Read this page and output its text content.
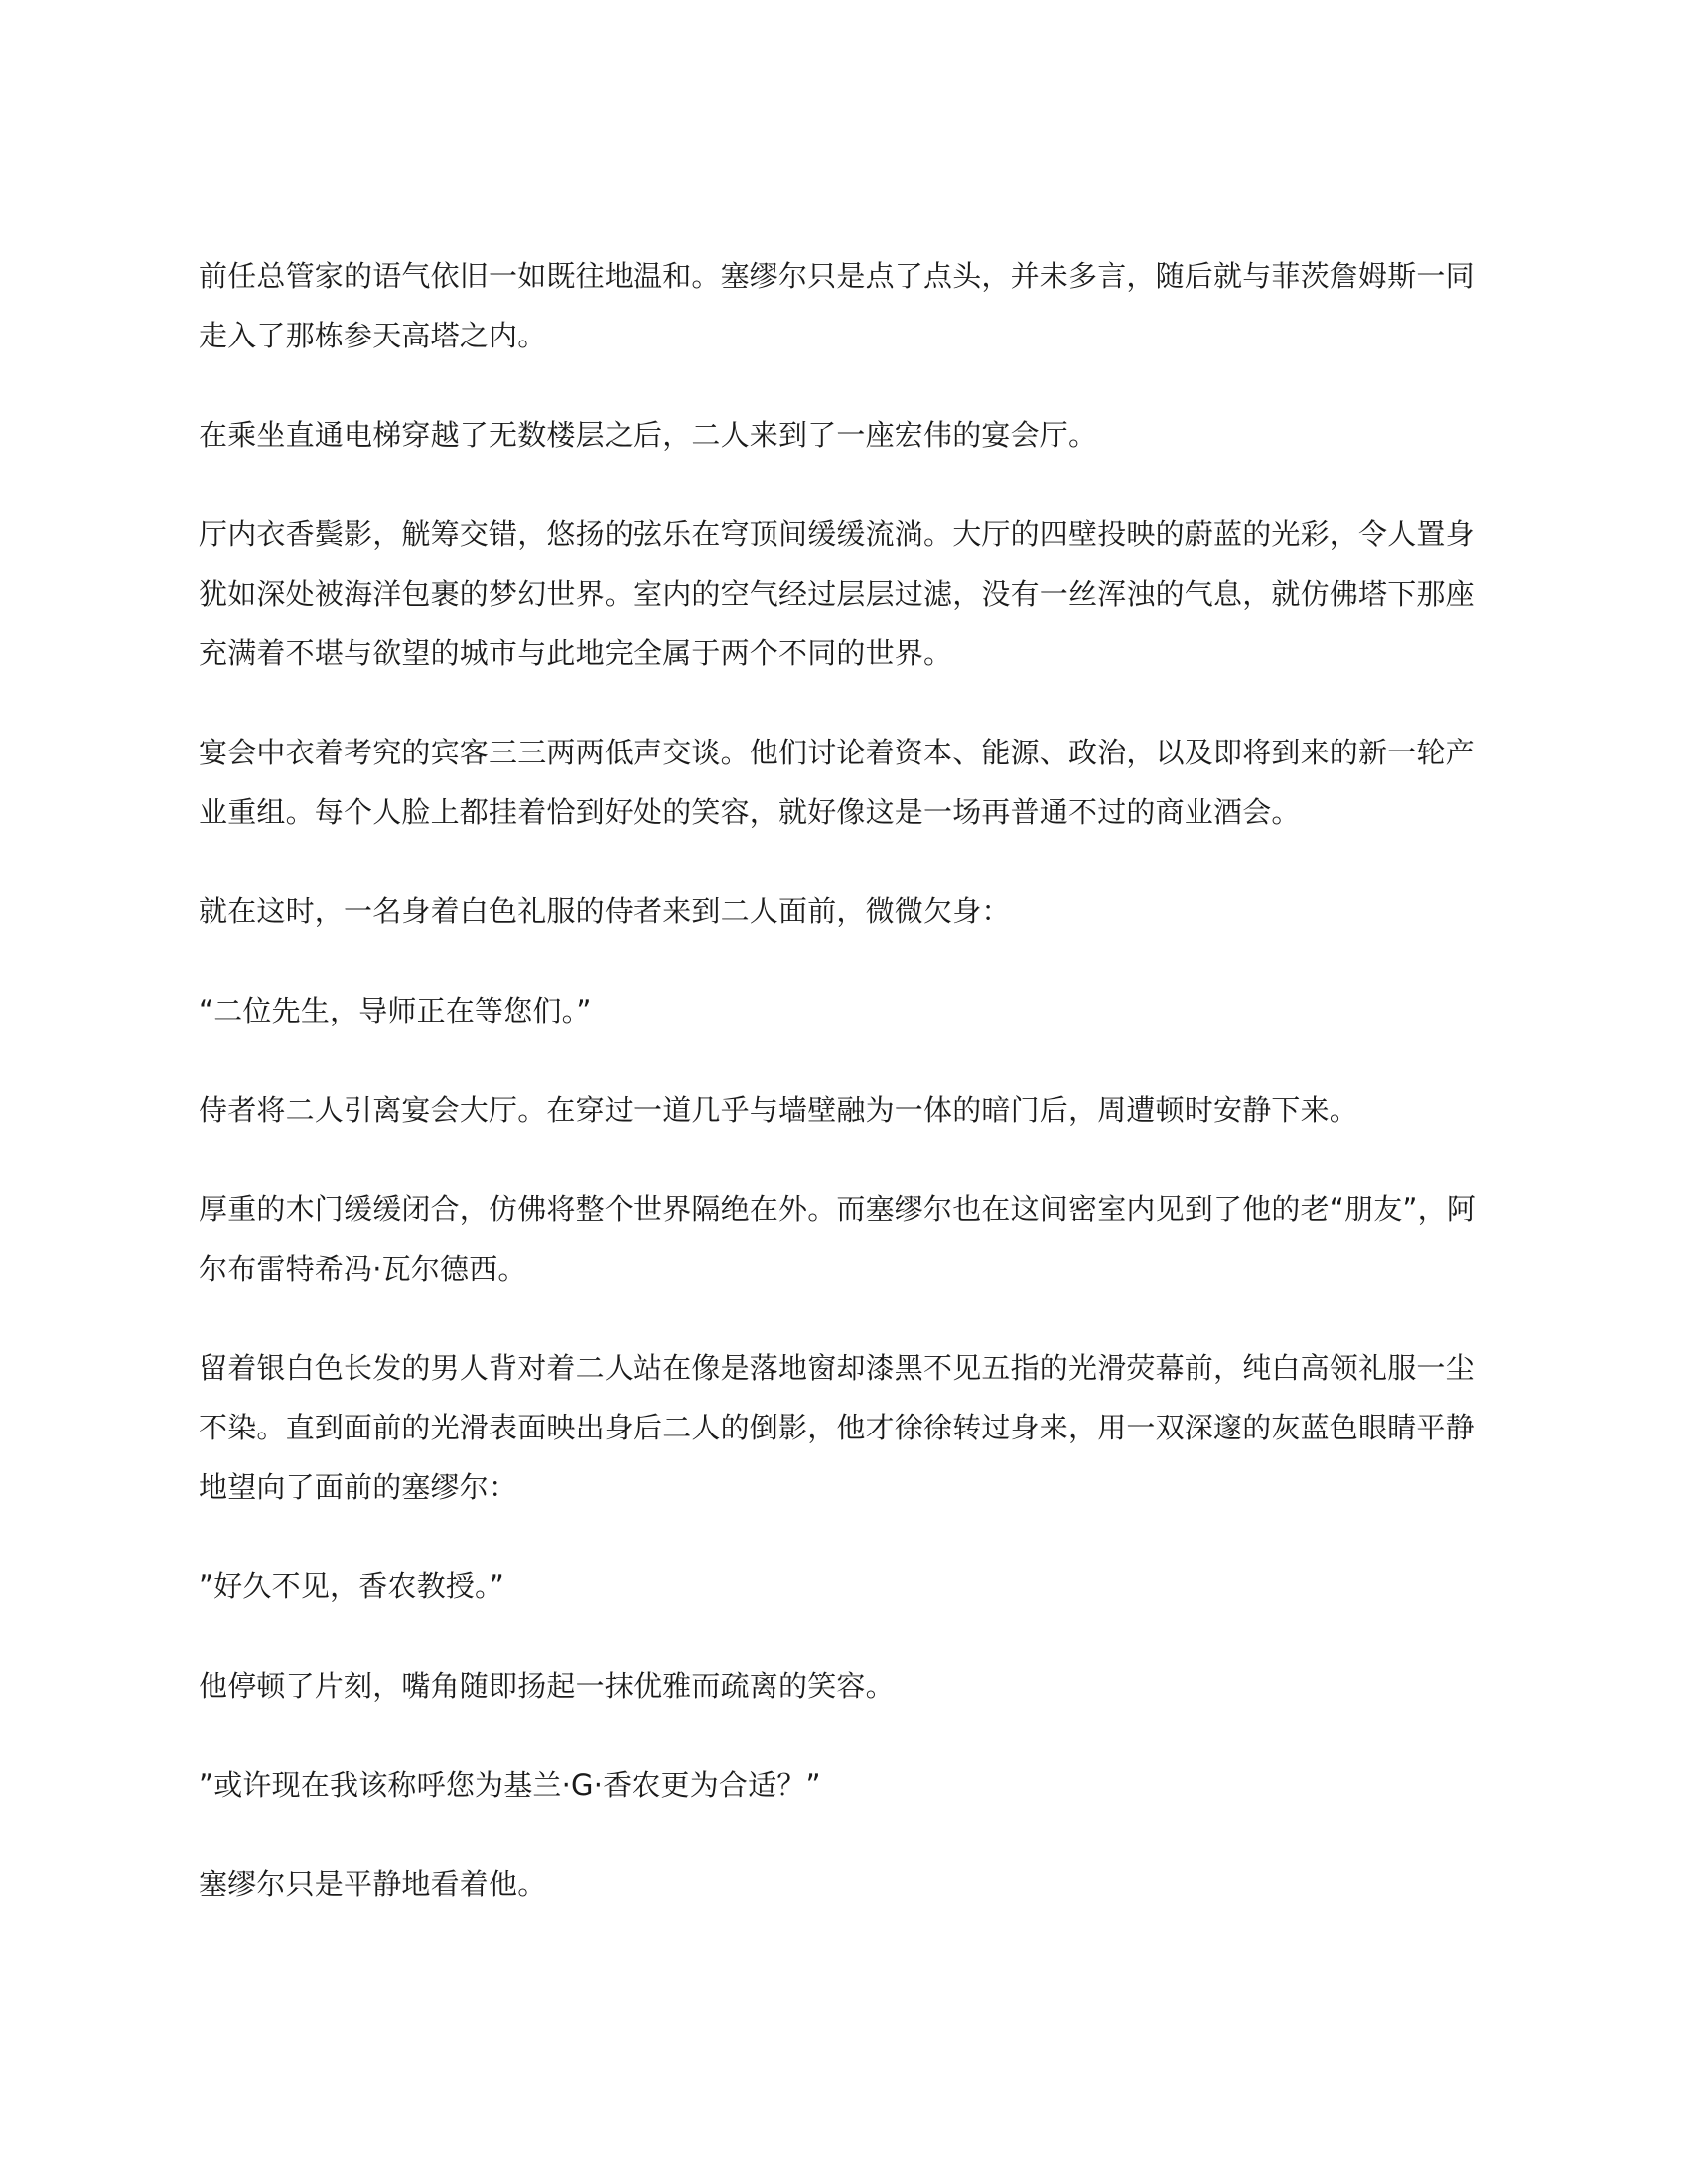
前任总管家的语气依旧一如既往地温和。塞缪尔只是点了点头，并未多言，随后就与菲茨詹姆斯一同走入了那栋参天高塔之内。

在乘坐直通电梯穿越了无数楼层之后，二人来到了一座宏伟的宴会厅。

厅内衣香鬓影，觥筹交错，悠扬的弦乐在穹顶间缓缓流淌。大厅的四壁投映的蔚蓝的光彩，令人置身犹如深处被海洋包裹的梦幻世界。室内的空气经过层层过滤，没有一丝浑浊的气息，就仿佛塔下那座充满着不堪与欲望的城市与此地完全属于两个不同的世界。

宴会中衣着考究的宾客三三两两低声交谈。他们讨论着资本、能源、政治，以及即将到来的新一轮产业重组。每个人脸上都挂着恰到好处的笑容，就好像这是一场再普通不过的商业酒会。

就在这时，一名身着白色礼服的侍者来到二人面前，微微欠身：

“二位先生，导师正在等您们。”

侍者将二人引离宴会大厅。在穿过一道几乎与墙壁融为一体的暗门后，周遭顿时安静下来。

厚重的木门缓缓闭合，仿佛将整个世界隔绝在外。而塞缪尔也在这间密室内见到了他的老“朋友”，阿尔布雷特希冯·瓦尔德西。

留着银白色长发的男人背对着二人站在像是落地窗却漆黑不见五指的光滑荧幕前，纯白高领礼服一尘不染。直到面前的光滑表面映出身后二人的倒影，他才徐徐转过身来，用一双深邃的灰蓝色眼睛平静地望向了面前的塞缪尔：

”好久不见，香农教授。”

他停顿了片刻，嘴角随即扬起一抹优雅而疏离的笑容。

”或许现在我该称呼您为基兰·G·香农更为合适？”

塞缪尔只是平静地看着他。
